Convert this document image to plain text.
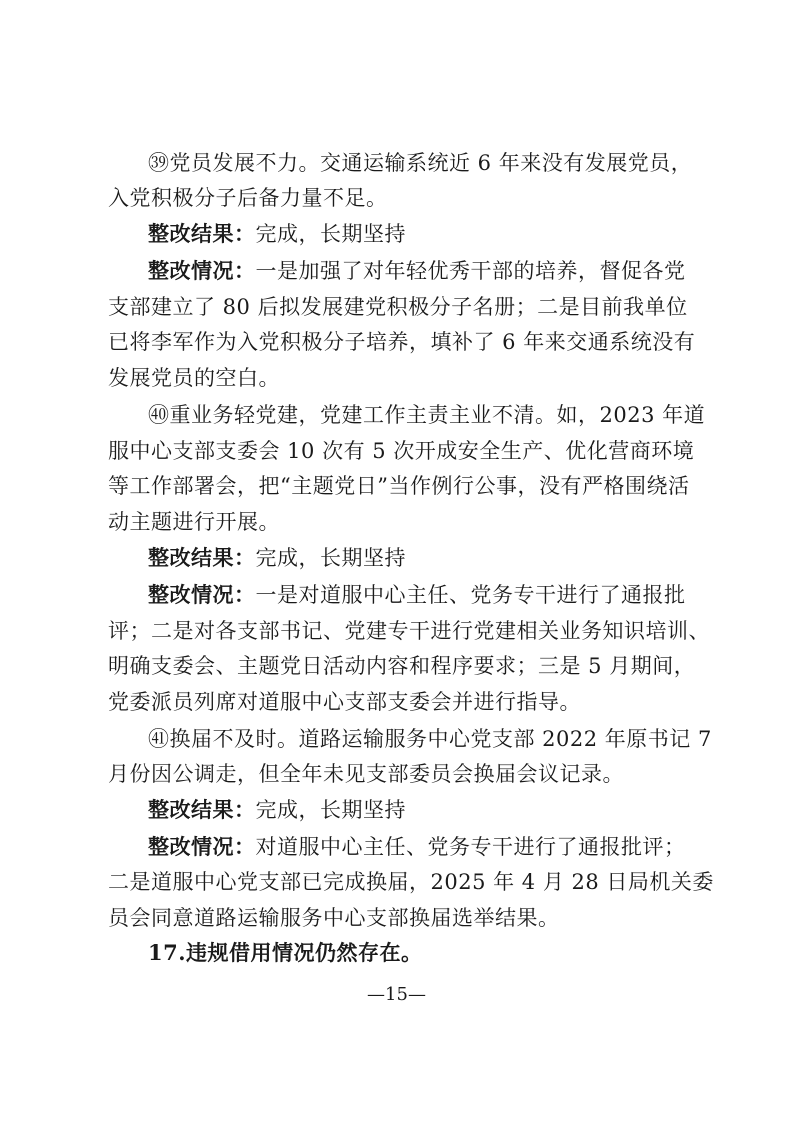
㊴党员发展不力。交通运输系统近 6 年来没有发展党员，
入党积极分子后备力量不足。
整改结果：完成，长期坚持
整改情况：一是加强了对年轻优秀干部的培养，督促各党
支部建立了 80 后拟发展建党积极分子名册；二是目前我单位
已将李军作为入党积极分子培养，填补了 6 年来交通系统没有
发展党员的空白。
㊵重业务轻党建，党建工作主责主业不清。如，2023 年道
服中心支部支委会 10 次有 5 次开成安全生产、优化营商环境
等工作部署会，把“主题党日”当作例行公事，没有严格围绕活
动主题进行开展。
整改结果：完成，长期坚持
整改情况：一是对道服中心主任、党务专干进行了通报批
评；二是对各支部书记、党建专干进行党建相关业务知识培训、
明确支委会、主题党日活动内容和程序要求；三是 5 月期间，
党委派员列席对道服中心支部支委会并进行指导。
㊶换届不及时。道路运输服务中心党支部 2022 年原书记 7
月份因公调走，但全年未见支部委员会换届会议记录。
整改结果：完成，长期坚持
整改情况：对道服中心主任、党务专干进行了通报批评；
二是道服中心党支部已完成换届，2025 年 4 月 28 日局机关委
员会同意道路运输服务中心支部换届选举结果。
17.违规借用情况仍然存在。
—15—
